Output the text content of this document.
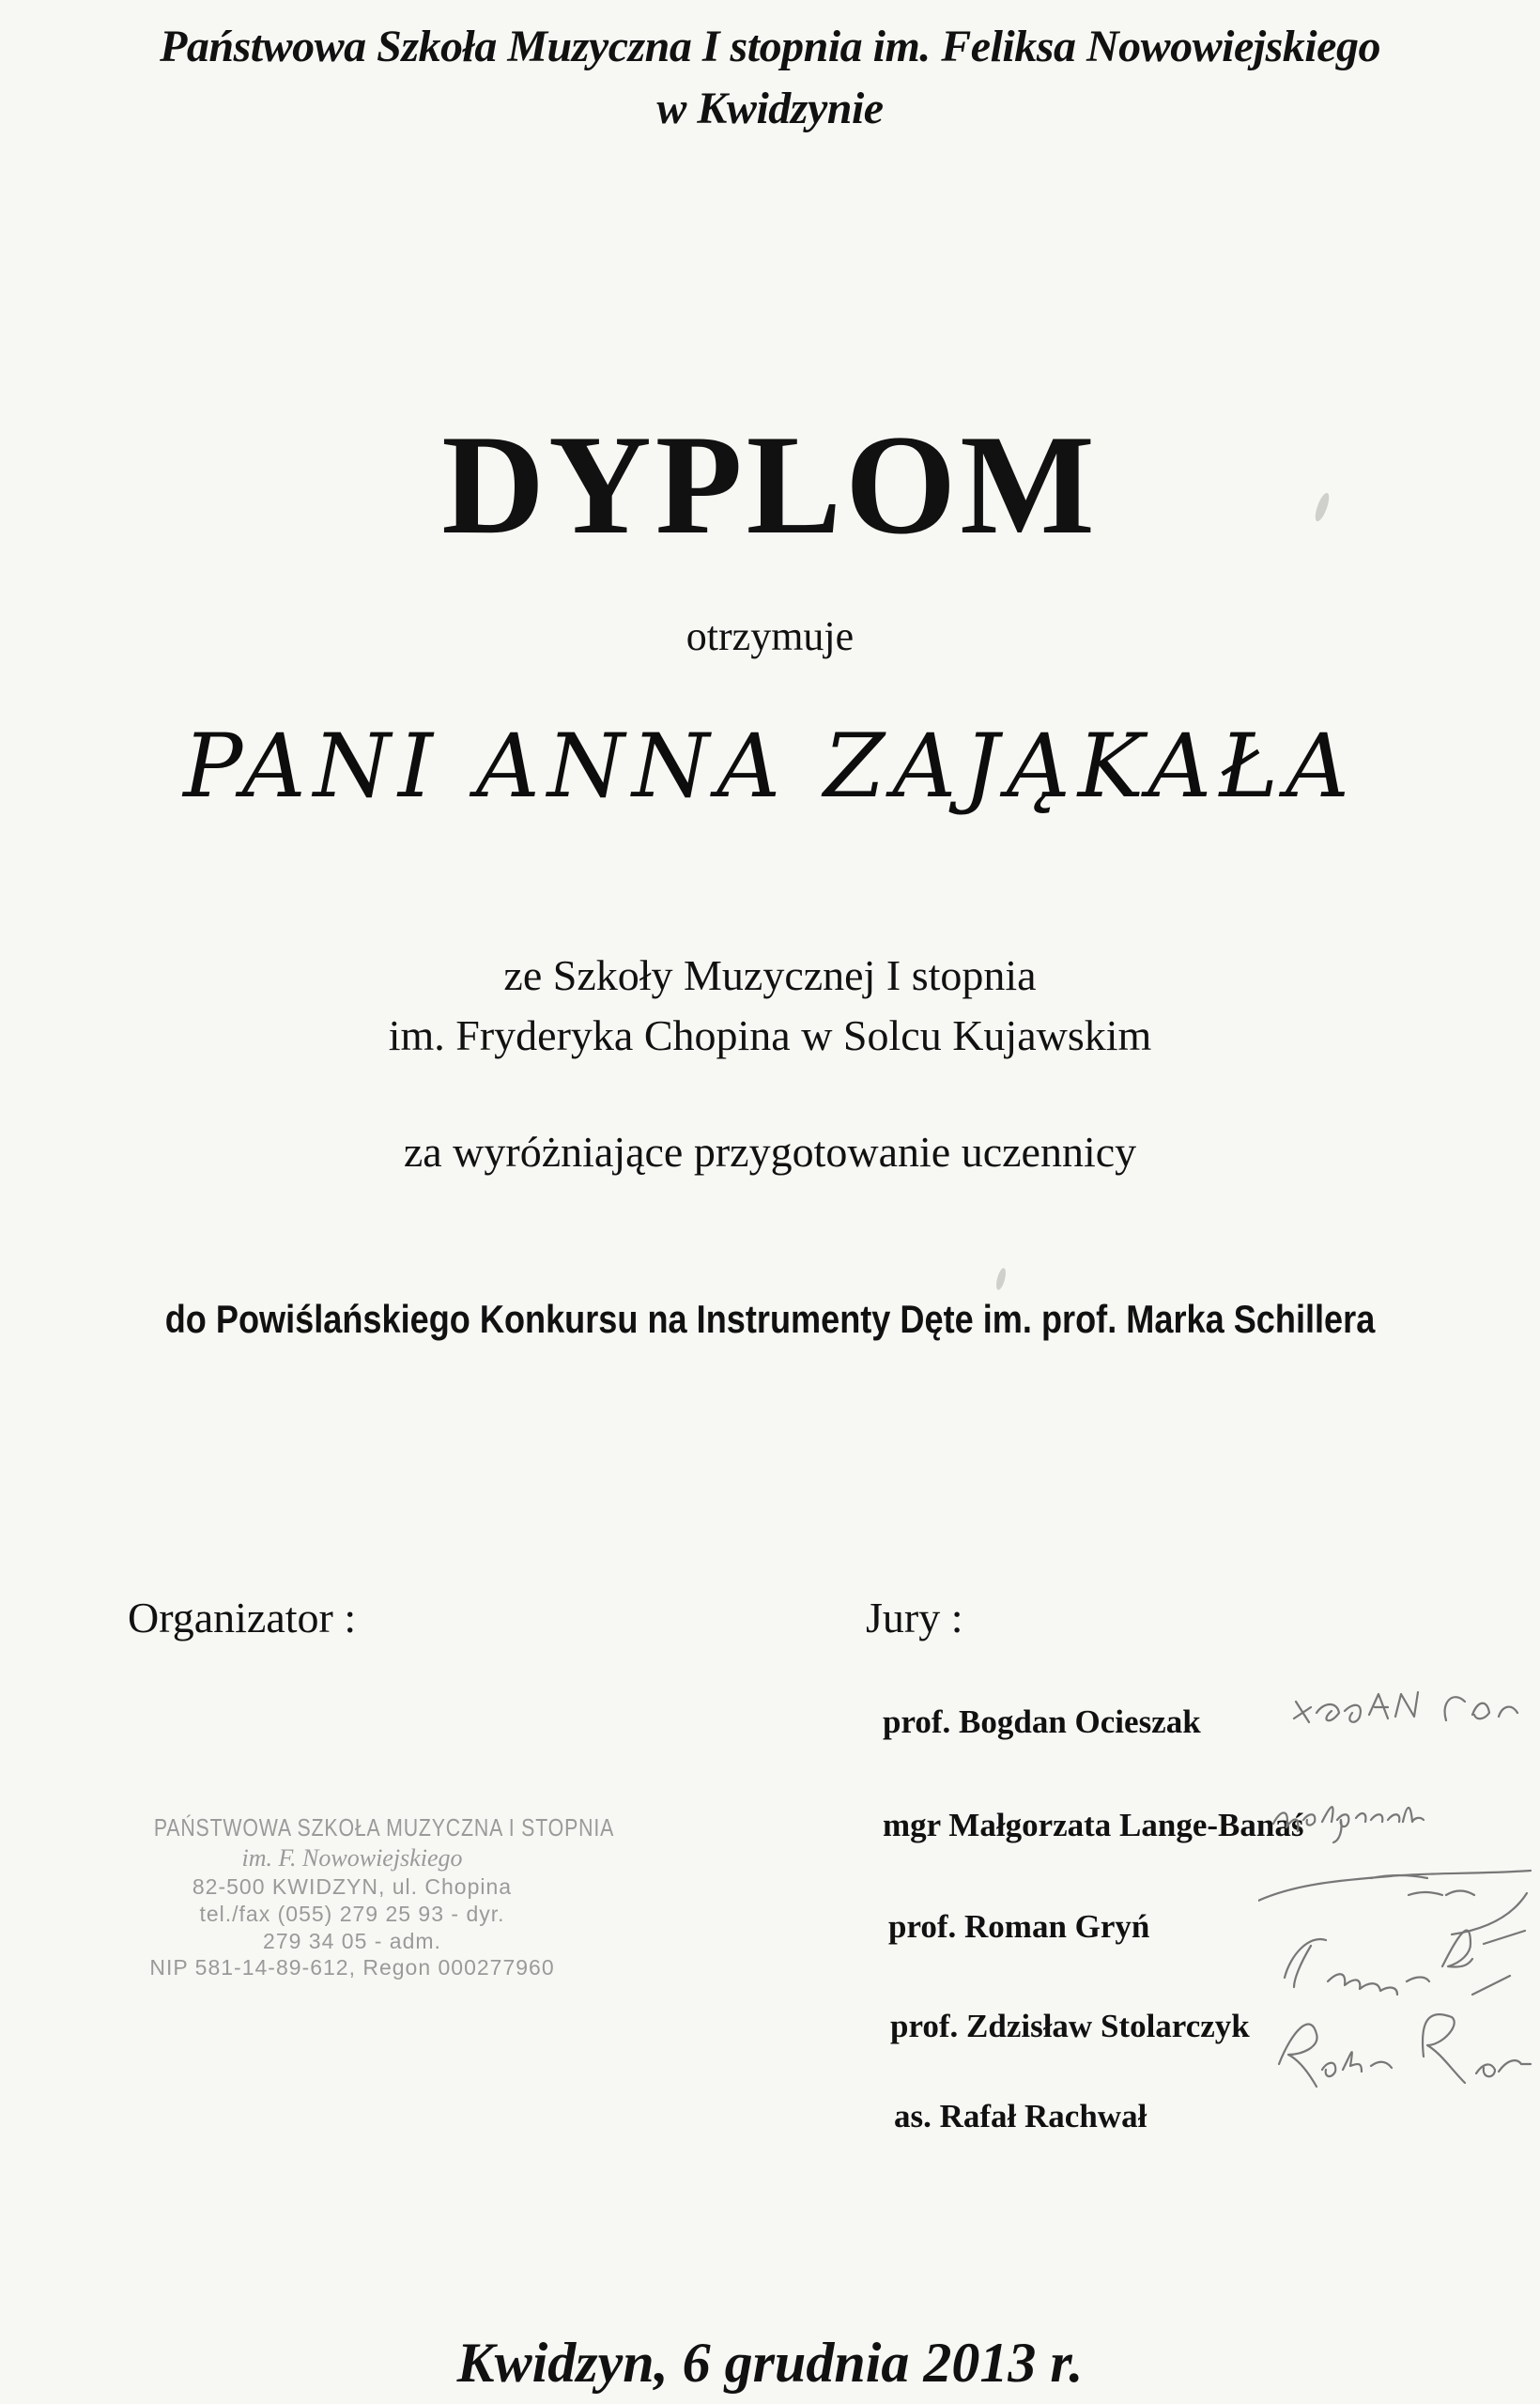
Państwowa Szkoła Muzyczna I stopnia im. Feliksa Nowowiejskiego
w Kwidzynie
DYPLOM
otrzymuje
PANI ANNA ZAJĄKAŁA
ze Szkoły Muzycznej I stopnia
im. Fryderyka Chopina w Solcu Kujawskim
za wyróżniające przygotowanie uczennicy
do Powiślańskiego Konkursu na Instrumenty Dęte im. prof. Marka Schillera
Organizator :	Jury :
PAŃSTWOWA SZKOŁA MUZYCZNA I STOPNIA
im. F. Nowowiejskiego
82-500 KWIDZYN, ul. Chopina
tel./fax (055) 279 25 93 - dyr.
279 34 05 - adm.
NIP 581-14-89-612, Regon 000277960
prof. Bogdan Ocieszak
mgr Małgorzata Lange-Banaś
prof. Roman Gryń
prof. Zdzisław Stolarczyk
as. Rafał Rachwał
Kwidzyn, 6 grudnia 2013 r.
